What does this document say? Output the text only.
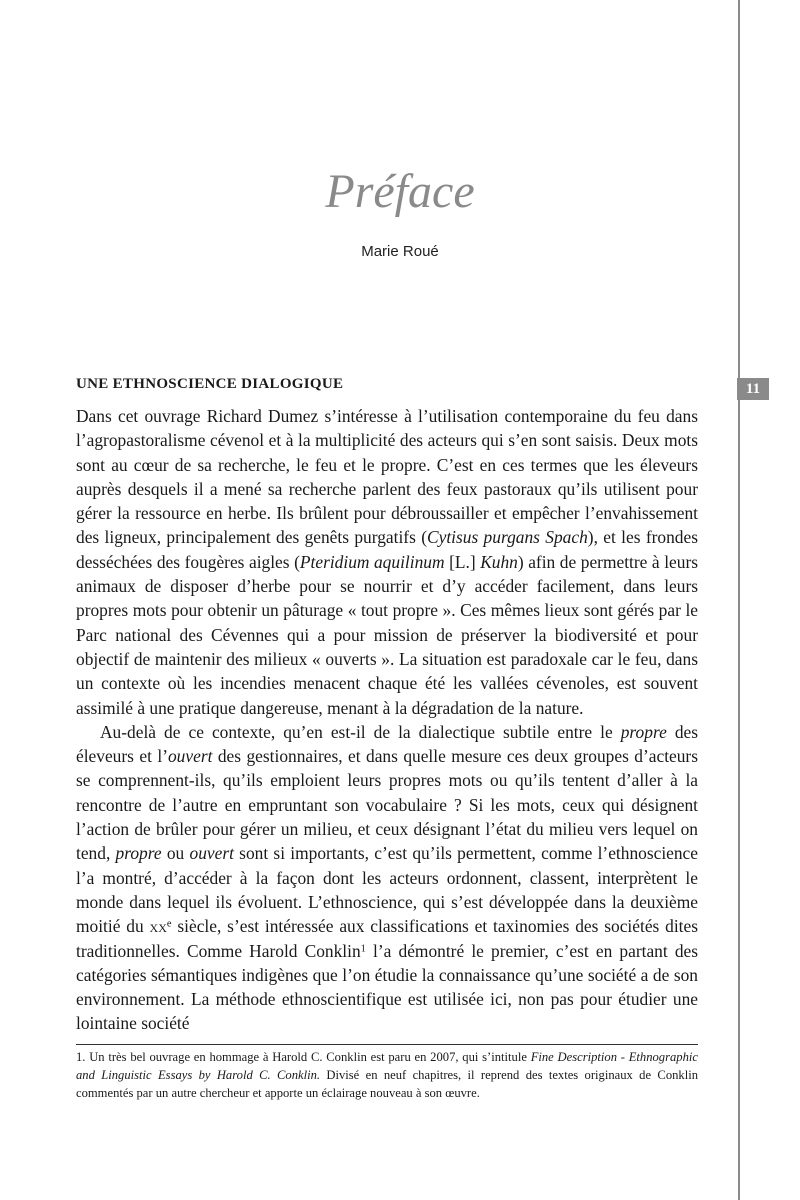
11
Préface
Marie Roué
UNE ETHNOSCIENCE DIALOGIQUE

Dans cet ouvrage Richard Dumez s’intéresse à l’utilisation contemporaine du feu dans l’agropastoralisme cévenol et à la multiplicité des acteurs qui s’en sont saisis. Deux mots sont au cœur de sa recherche, le feu et le propre. C’est en ces termes que les éleveurs auprès desquels il a mené sa recherche parlent des feux pastoraux qu’ils utilisent pour gérer la ressource en herbe. Ils brûlent pour débroussailler et empêcher l’envahissement des ligneux, principalement des genêts purgatifs (Cytisus purgans Spach), et les frondes desséchées des fougères aigles (Pteridium aquilinum [L.] Kuhn) afin de permettre à leurs animaux de disposer d’herbe pour se nourrir et d’y accéder facilement, dans leurs propres mots pour obtenir un pâturage « tout propre ». Ces mêmes lieux sont gérés par le Parc national des Cévennes qui a pour mission de préserver la biodiversité et pour objectif de maintenir des milieux « ouverts ». La situation est paradoxale car le feu, dans un contexte où les incendies menacent chaque été les vallées cévenoles, est souvent assimilé à une pratique dangereuse, menant à la dégradation de la nature.

Au-delà de ce contexte, qu’en est-il de la dialectique subtile entre le propre des éleveurs et l’ouvert des gestionnaires, et dans quelle mesure ces deux groupes d’acteurs se comprennent-ils, qu’ils emploient leurs propres mots ou qu’ils tentent d’aller à la rencontre de l’autre en empruntant son vocabulaire ? Si les mots, ceux qui désignent l’action de brûler pour gérer un milieu, et ceux désignant l’état du milieu vers lequel on tend, propre ou ouvert sont si importants, c’est qu’ils permettent, comme l’ethnoscience l’a montré, d’accéder à la façon dont les acteurs ordonnent, classent, interprètent le monde dans lequel ils évoluent. L’ethnoscience, qui s’est développée dans la deuxième moitié du $xx^e$ siècle, s’est intéressée aux classifications et taxinomies des sociétés dites traditionnelles. Comme Harold Conklin$^1$ l’a démontré le premier, c’est en partant des catégories sémantiques indigènes que l’on étudie la connaissance qu’une société a de son environnement. La méthode ethnoscientifique est utilisée ici, non pas pour étudier une lointaine société

1. Un très bel ouvrage en hommage à Harold C. Conklin est paru en 2007, qui s’intitule Fine Description - Ethnographic and Linguistic Essays by Harold C. Conklin. Divisé en neuf chapitres, il reprend des textes originaux de Conklin commentés par un autre chercheur et apporte un éclairage nouveau à son œuvre.
